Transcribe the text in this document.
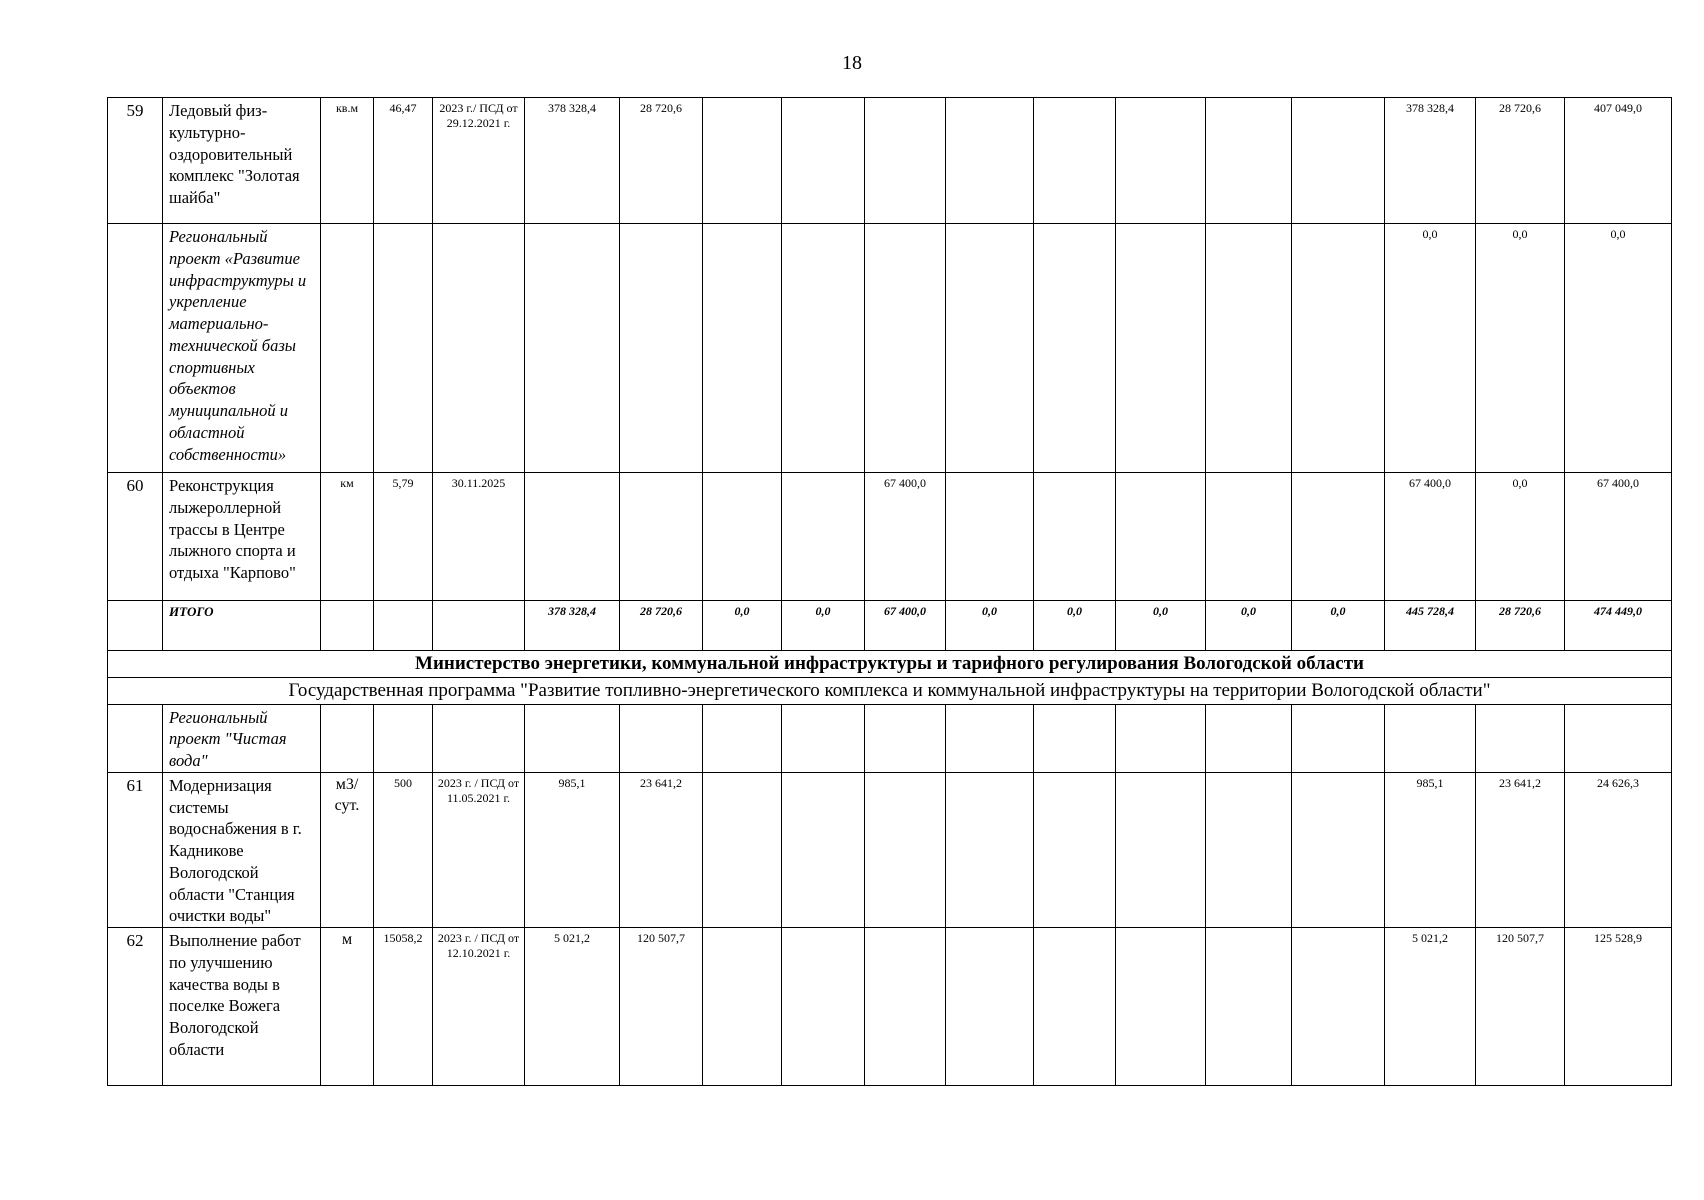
18
59	Ледовый физ-культурно-оздоровительный комплекс "Золотая шайба"	кв.м	46,47	2023 г./ ПСД от 29.12.2021 г.	378 328,4	28 720,6									378 328,4	28 720,6	407 049,0
	Региональный проект «Развитие инфраструктуры и укрепление материально-технической базы спортивных объектов муниципальной и областной собственности»														0,0	0,0	0,0
60	Реконструкция лыжероллерной трассы в Центре лыжного спорта и отдыха "Карпово"	км	5,79	30.11.2025					67 400,0						67 400,0	0,0	67 400,0
	ИТОГО				378 328,4	28 720,6	0,0	0,0	67 400,0	0,0	0,0	0,0	0,0	0,0	445 728,4	28 720,6	474 449,0
Министерство энергетики, коммунальной инфраструктуры и тарифного регулирования Вологодской области																	
Государственная программа "Развитие топливно-энергетического комплекса и коммунальной инфраструктуры на территории Вологодской области"																	
	Региональный проект "Чистая вода"																
61	Модернизация системы водоснабжения в г. Кадникове Вологодской области "Станция очистки воды"	м3/ сут.	500	2023 г. / ПСД от 11.05.2021 г.	985,1	23 641,2									985,1	23 641,2	24 626,3
62	Выполнение работ по улучшению качества воды в поселке Вожега Вологодской области	м	15058,2	2023 г. / ПСД от 12.10.2021 г.	5 021,2	120 507,7									5 021,2	120 507,7	125 528,9
